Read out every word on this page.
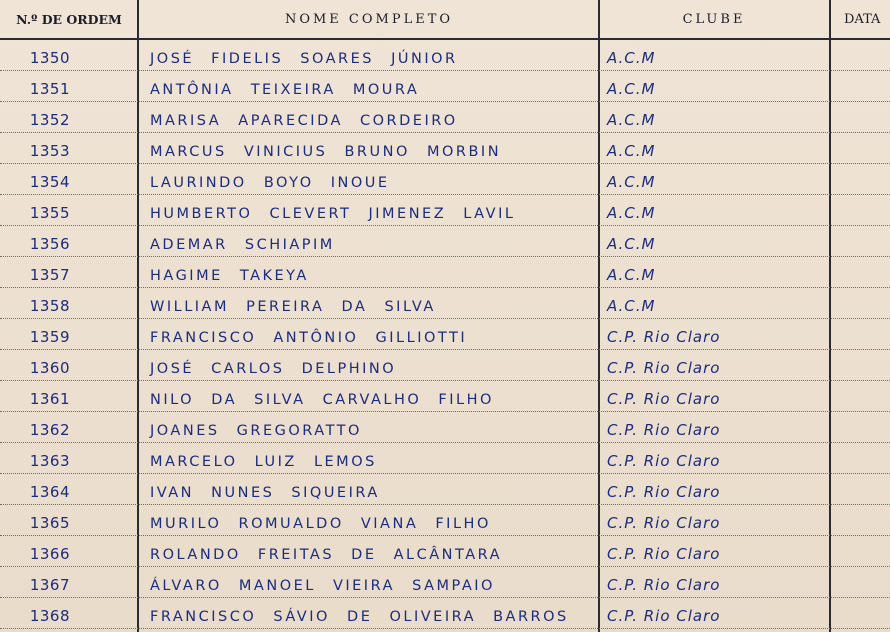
N.º DE ORDEM	NOME COMPLETO	CLUBE	DATA
1350	JOSÉ FIDELIS SOARES JÚNIOR	A.C.M
1351	ANTÔNIA TEIXEIRA MOURA	A.C.M
1352	MARISA APARECIDA CORDEIRO	A.C.M
1353	MARCUS VINICIUS BRUNO MORBIN	A.C.M
1354	LAURINDO BOYO INOUE	A.C.M
1355	HUMBERTO CLEVERT JIMENEZ LAVIL	A.C.M
1356	ADEMAR SCHIAPIM	A.C.M
1357	HAGIME TAKEYA	A.C.M
1358	WILLIAM PEREIRA DA SILVA	A.C.M
1359	FRANCISCO ANTÔNIO GILLIOTTI	C.P. Rio Claro
1360	JOSÉ CARLOS DELPHINO	C.P. Rio Claro
1361	NILO DA SILVA CARVALHO FILHO	C.P. Rio Claro
1362	JOANES GREGORATTO	C.P. Rio Claro
1363	MARCELO LUIZ LEMOS	C.P. Rio Claro
1364	IVAN NUNES SIQUEIRA	C.P. Rio Claro
1365	MURILO ROMUALDO VIANA FILHO	C.P. Rio Claro
1366	ROLANDO FREITAS DE ALCÂNTARA	C.P. Rio Claro
1367	ÁLVARO MANOEL VIEIRA SAMPAIO	C.P. Rio Claro
1368	FRANCISCO SÁVIO DE OLIVEIRA BARROS	C.P. Rio Claro
